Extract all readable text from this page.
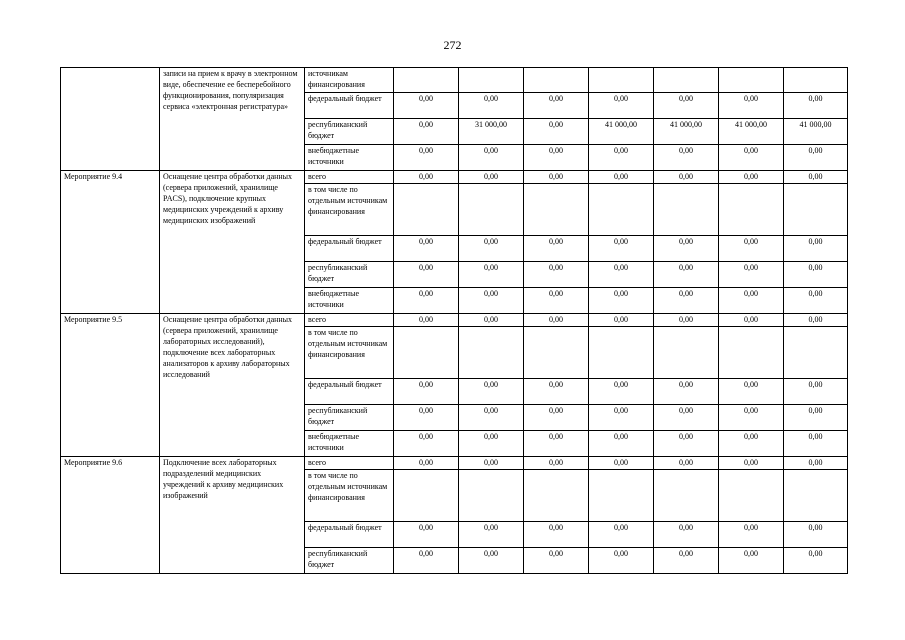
272
	записи на прием к врачу в электронном виде, обеспечение ее бесперебойного функционирования, популяризация сервиса «электронная регистратура»	источникам финансирования							
		федеральный бюджет	0,00	0,00	0,00	0,00	0,00	0,00	0,00
		республиканский бюджет	0,00	31 000,00	0,00	41 000,00	41 000,00	41 000,00	41 000,00
		внебюджетные источники	0,00	0,00	0,00	0,00	0,00	0,00	0,00
Мероприятие 9.4	Оснащение центра обработки данных (сервера приложений, хранилище PACS), подключение крупных медицинских учреждений к архиву медицинских изображений	всего	0,00	0,00	0,00	0,00	0,00	0,00	0,00
		в том числе по отдельным источникам финансирования							
		федеральный бюджет	0,00	0,00	0,00	0,00	0,00	0,00	0,00
		республиканский бюджет	0,00	0,00	0,00	0,00	0,00	0,00	0,00
		внебюджетные источники	0,00	0,00	0,00	0,00	0,00	0,00	0,00
Мероприятие 9.5	Оснащение центра обработки данных (сервера приложений, хранилище лабораторных исследований), подключение всех лабораторных анализаторов к архиву лабораторных исследований	всего	0,00	0,00	0,00	0,00	0,00	0,00	0,00
		в том числе по отдельным источникам финансирования							
		федеральный бюджет	0,00	0,00	0,00	0,00	0,00	0,00	0,00
		республиканский бюджет	0,00	0,00	0,00	0,00	0,00	0,00	0,00
		внебюджетные источники	0,00	0,00	0,00	0,00	0,00	0,00	0,00
Мероприятие 9.6	Подключение всех лабораторных подразделений медицинских учреждений к архиву медицинских изображений	всего	0,00	0,00	0,00	0,00	0,00	0,00	0,00
		в том числе по отдельным источникам финансирования							
		федеральный бюджет	0,00	0,00	0,00	0,00	0,00	0,00	0,00
		республиканский бюджет	0,00	0,00	0,00	0,00	0,00	0,00	0,00
